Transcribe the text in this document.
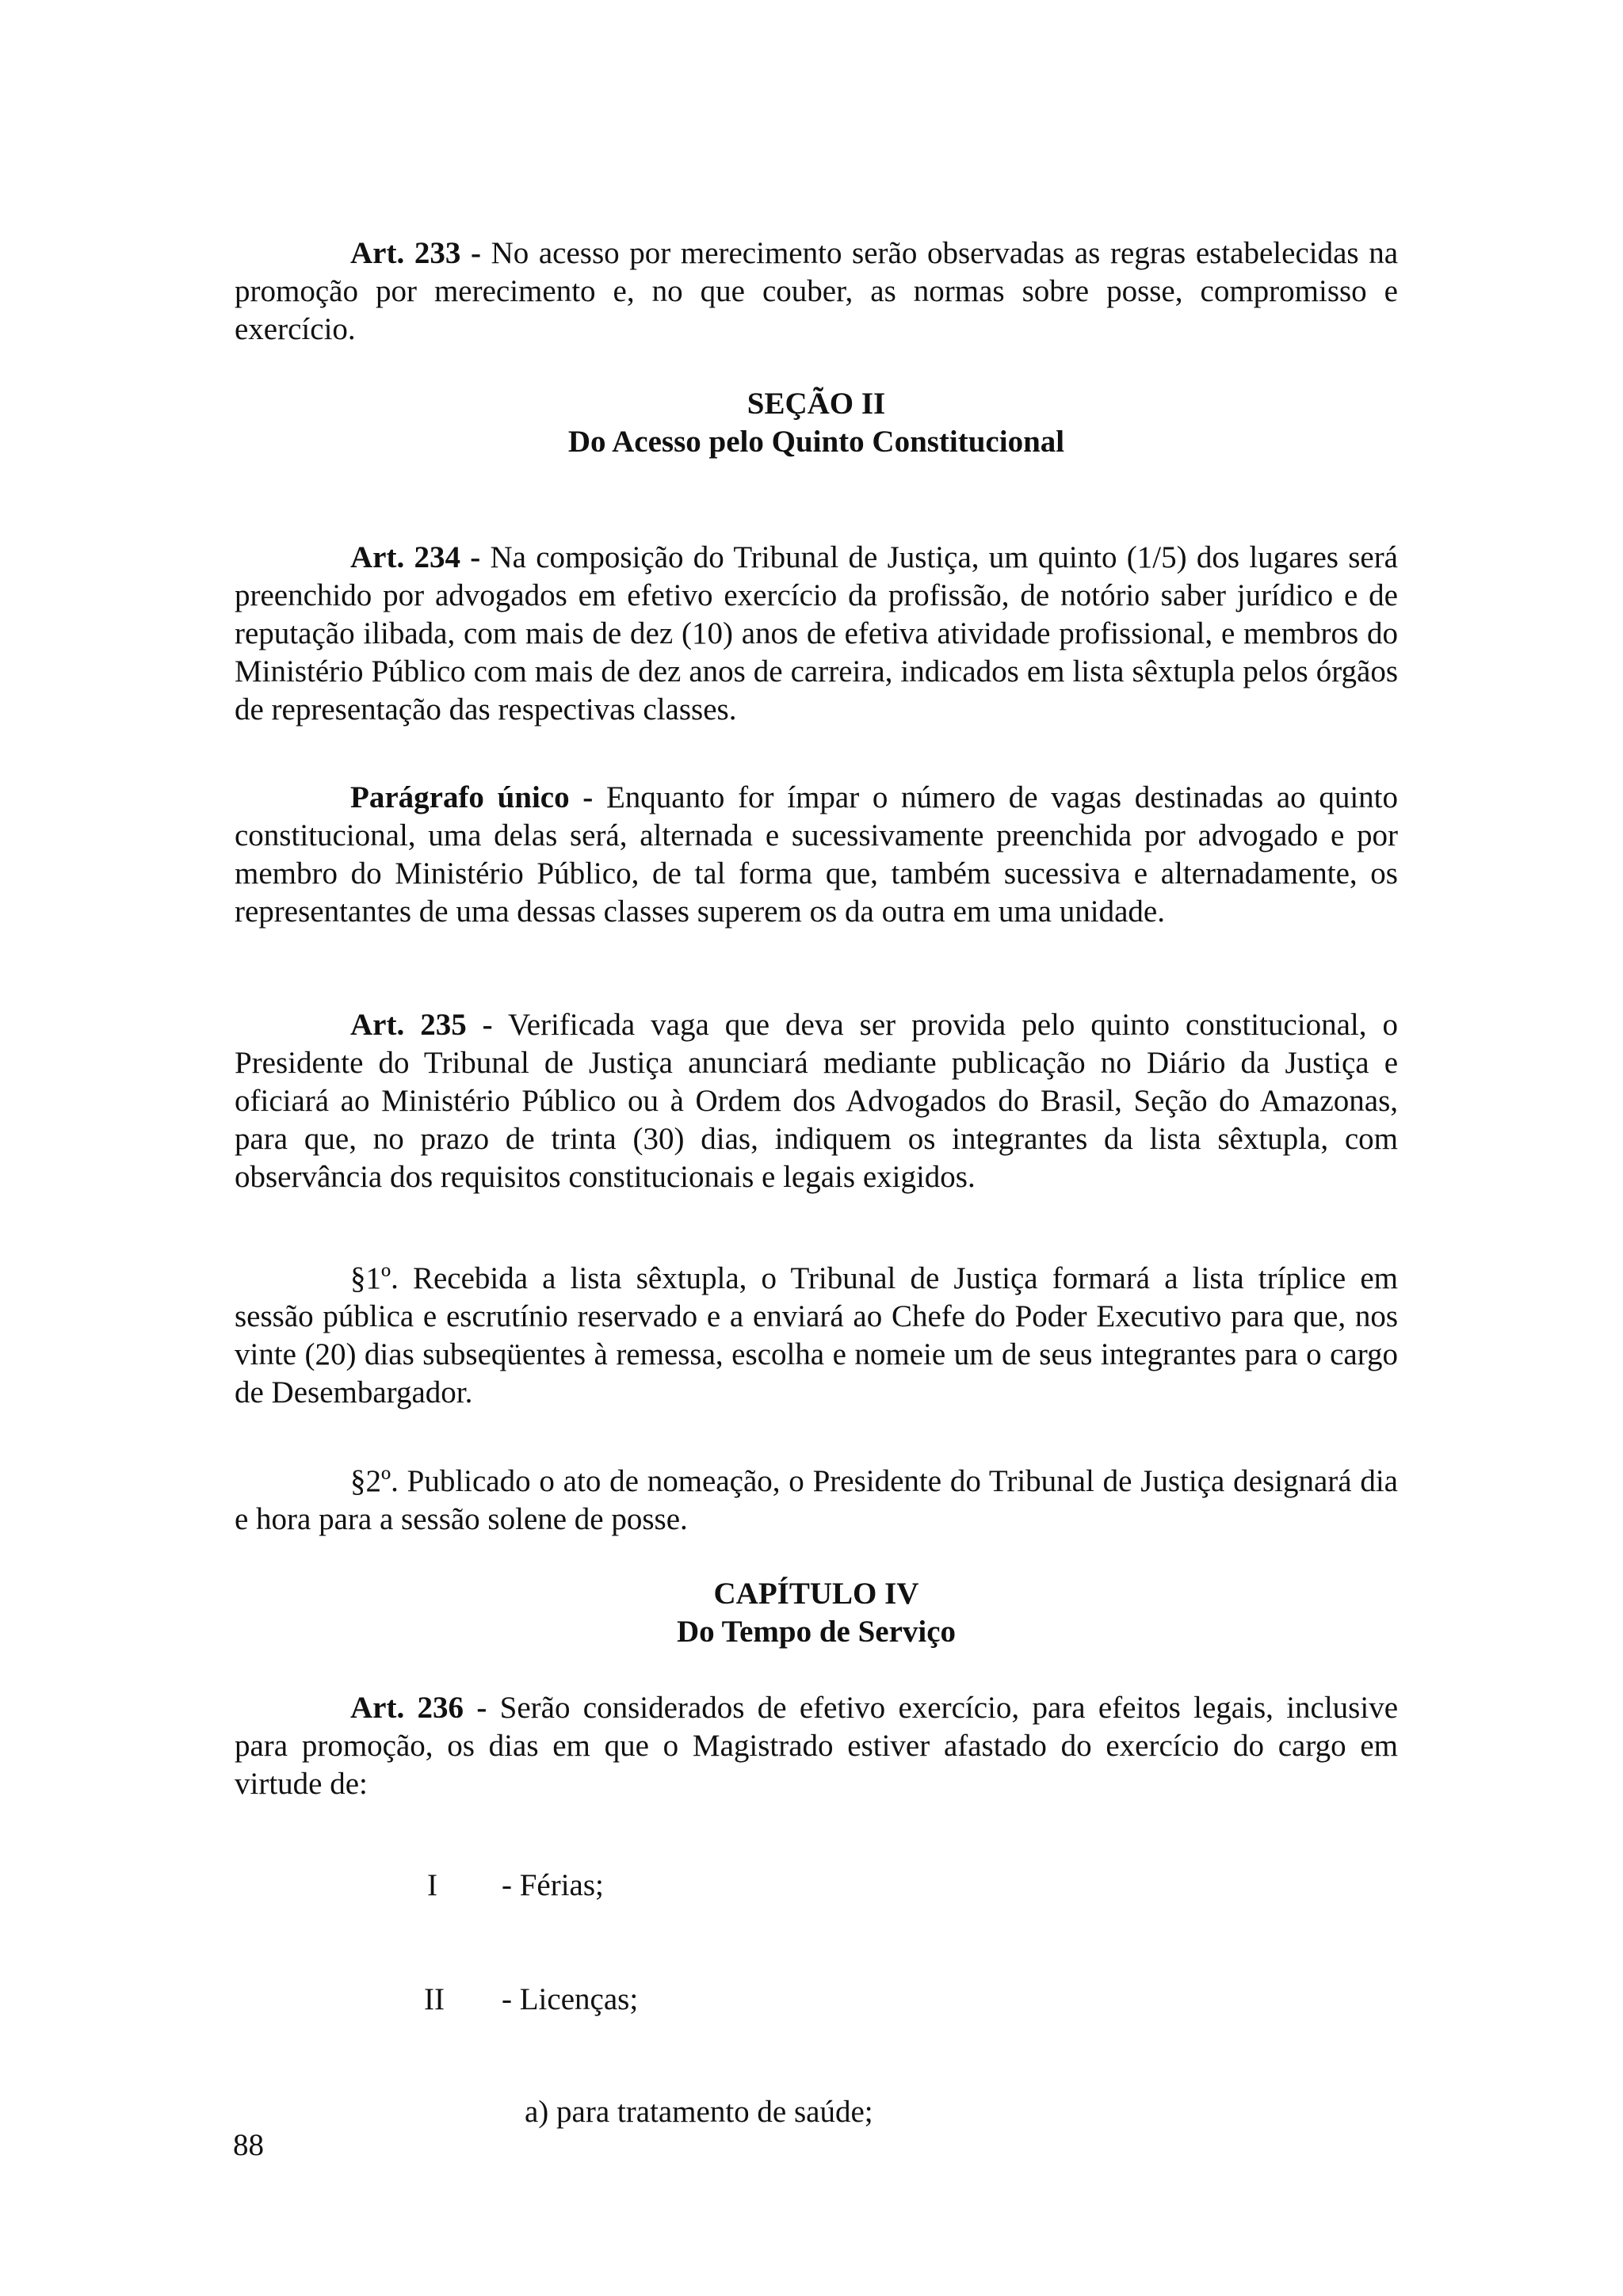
Art. 233 - No acesso por merecimento serão observadas as regras estabelecidas na promoção por merecimento e, no que couber, as normas sobre posse, compromisso e exercício.

SEÇÃO II

Do Acesso pelo Quinto Constitucional

Art. 234 - Na composição do Tribunal de Justiça, um quinto (1/5) dos lugares será preenchido por advogados em efetivo exercício da profissão, de notório saber jurídico e de reputação ilibada, com mais de dez (10) anos de efetiva atividade profissional, e membros do Ministério Público com mais de dez anos de carreira, indicados em lista sêxtupla pelos órgãos de representação das respectivas classes.

Parágrafo único - Enquanto for ímpar o número de vagas destinadas ao quinto constitucional, uma delas será, alternada e sucessivamente preenchida por advogado e por membro do Ministério Público, de tal forma que, também sucessiva e alternadamente, os representantes de uma dessas classes superem os da outra em uma unidade.

Art. 235 - Verificada vaga que deva ser provida pelo quinto constitucional, o Presidente do Tribunal de Justiça anunciará mediante publicação no Diário da Justiça e oficiará ao Ministério Público ou à Ordem dos Advogados do Brasil, Seção do Amazonas, para que, no prazo de trinta (30) dias, indiquem os integrantes da lista sêxtupla, com observância dos requisitos constitucionais e legais exigidos.

§1º. Recebida a lista sêxtupla, o Tribunal de Justiça formará a lista tríplice em sessão pública e escrutínio reservado e a enviará ao Chefe do Poder Executivo para que, nos vinte (20) dias subseqüentes à remessa, escolha e nomeie um de seus integrantes para o cargo de Desembargador.

§2º. Publicado o ato de nomeação, o Presidente do Tribunal de Justiça designará dia e hora para a sessão solene de posse.

CAPÍTULO IV

Do Tempo de Serviço

Art. 236 - Serão considerados de efetivo exercício, para efeitos legais, inclusive para promoção, os dias em que o Magistrado estiver afastado do exercício do cargo em virtude de:

I - Férias;
II - Licenças;
a) para tratamento de saúde;
88
